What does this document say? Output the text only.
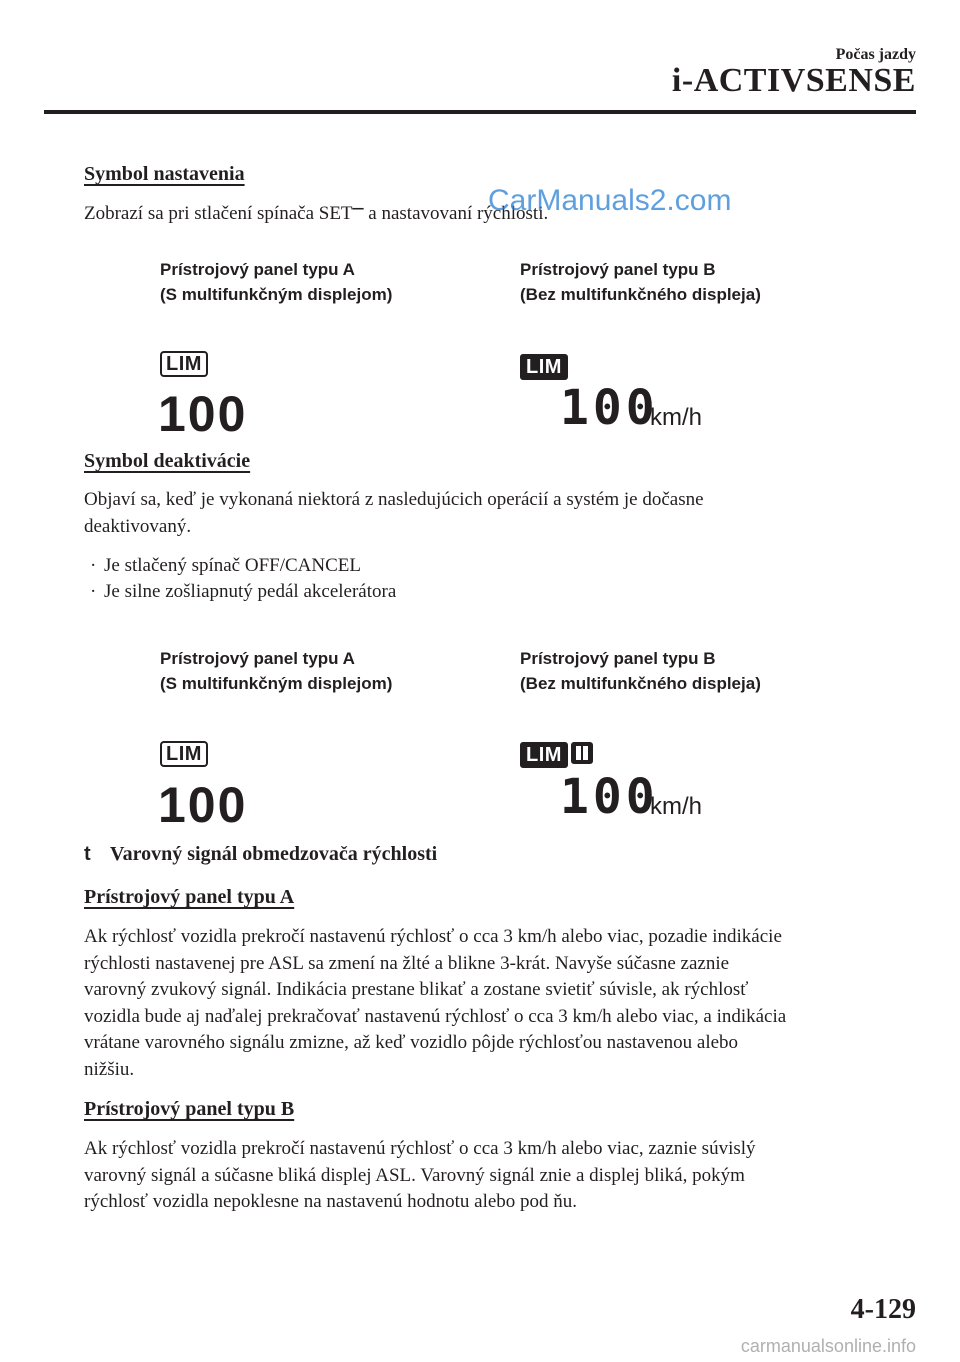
Počas jazdy
i-ACTIVSENSE
Symbol nastavenia
Zobrazí sa pri stlačení spínača SET– a nastavovaní rýchlosti.
CarManuals2.com
Prístrojový panel typu A
(S multifunkčným displejom)
Prístrojový panel typu B
(Bez multifunkčného displeja)
LIM
100
LIM
100
km/h
Symbol deaktivácie
Objaví sa, keď je vykonaná niektorá z nasledujúcich operácií a systém je dočasne
deaktivovaný.
· Je stlačený spínač OFF/CANCEL
· Je silne zošliapnutý pedál akcelerátora
Prístrojový panel typu A
(S multifunkčným displejom)
Prístrojový panel typu B
(Bez multifunkčného displeja)
LIM
100
LIM
100
km/h
t Varovný signál obmedzovača rýchlosti
Prístrojový panel typu A
Ak rýchlosť vozidla prekročí nastavenú rýchlosť o cca 3 km/h alebo viac, pozadie indikácie
rýchlosti nastavenej pre ASL sa zmení na žlté a blikne 3-krát. Navyše súčasne zaznie
varovný zvukový signál. Indikácia prestane blikať a zostane svietiť súvisle, ak rýchlosť
vozidla bude aj naďalej prekračovať nastavenú rýchlosť o cca 3 km/h alebo viac, a indikácia
vrátane varovného signálu zmizne, až keď vozidlo pôjde rýchlosťou nastavenou alebo
nižšiu.
Prístrojový panel typu B
Ak rýchlosť vozidla prekročí nastavenú rýchlosť o cca 3 km/h alebo viac, zaznie súvislý
varovný signál a súčasne bliká displej ASL. Varovný signál znie a displej bliká, pokým
rýchlosť vozidla nepoklesne na nastavenú hodnotu alebo pod ňu.
4-129
carmanualsonline.info
